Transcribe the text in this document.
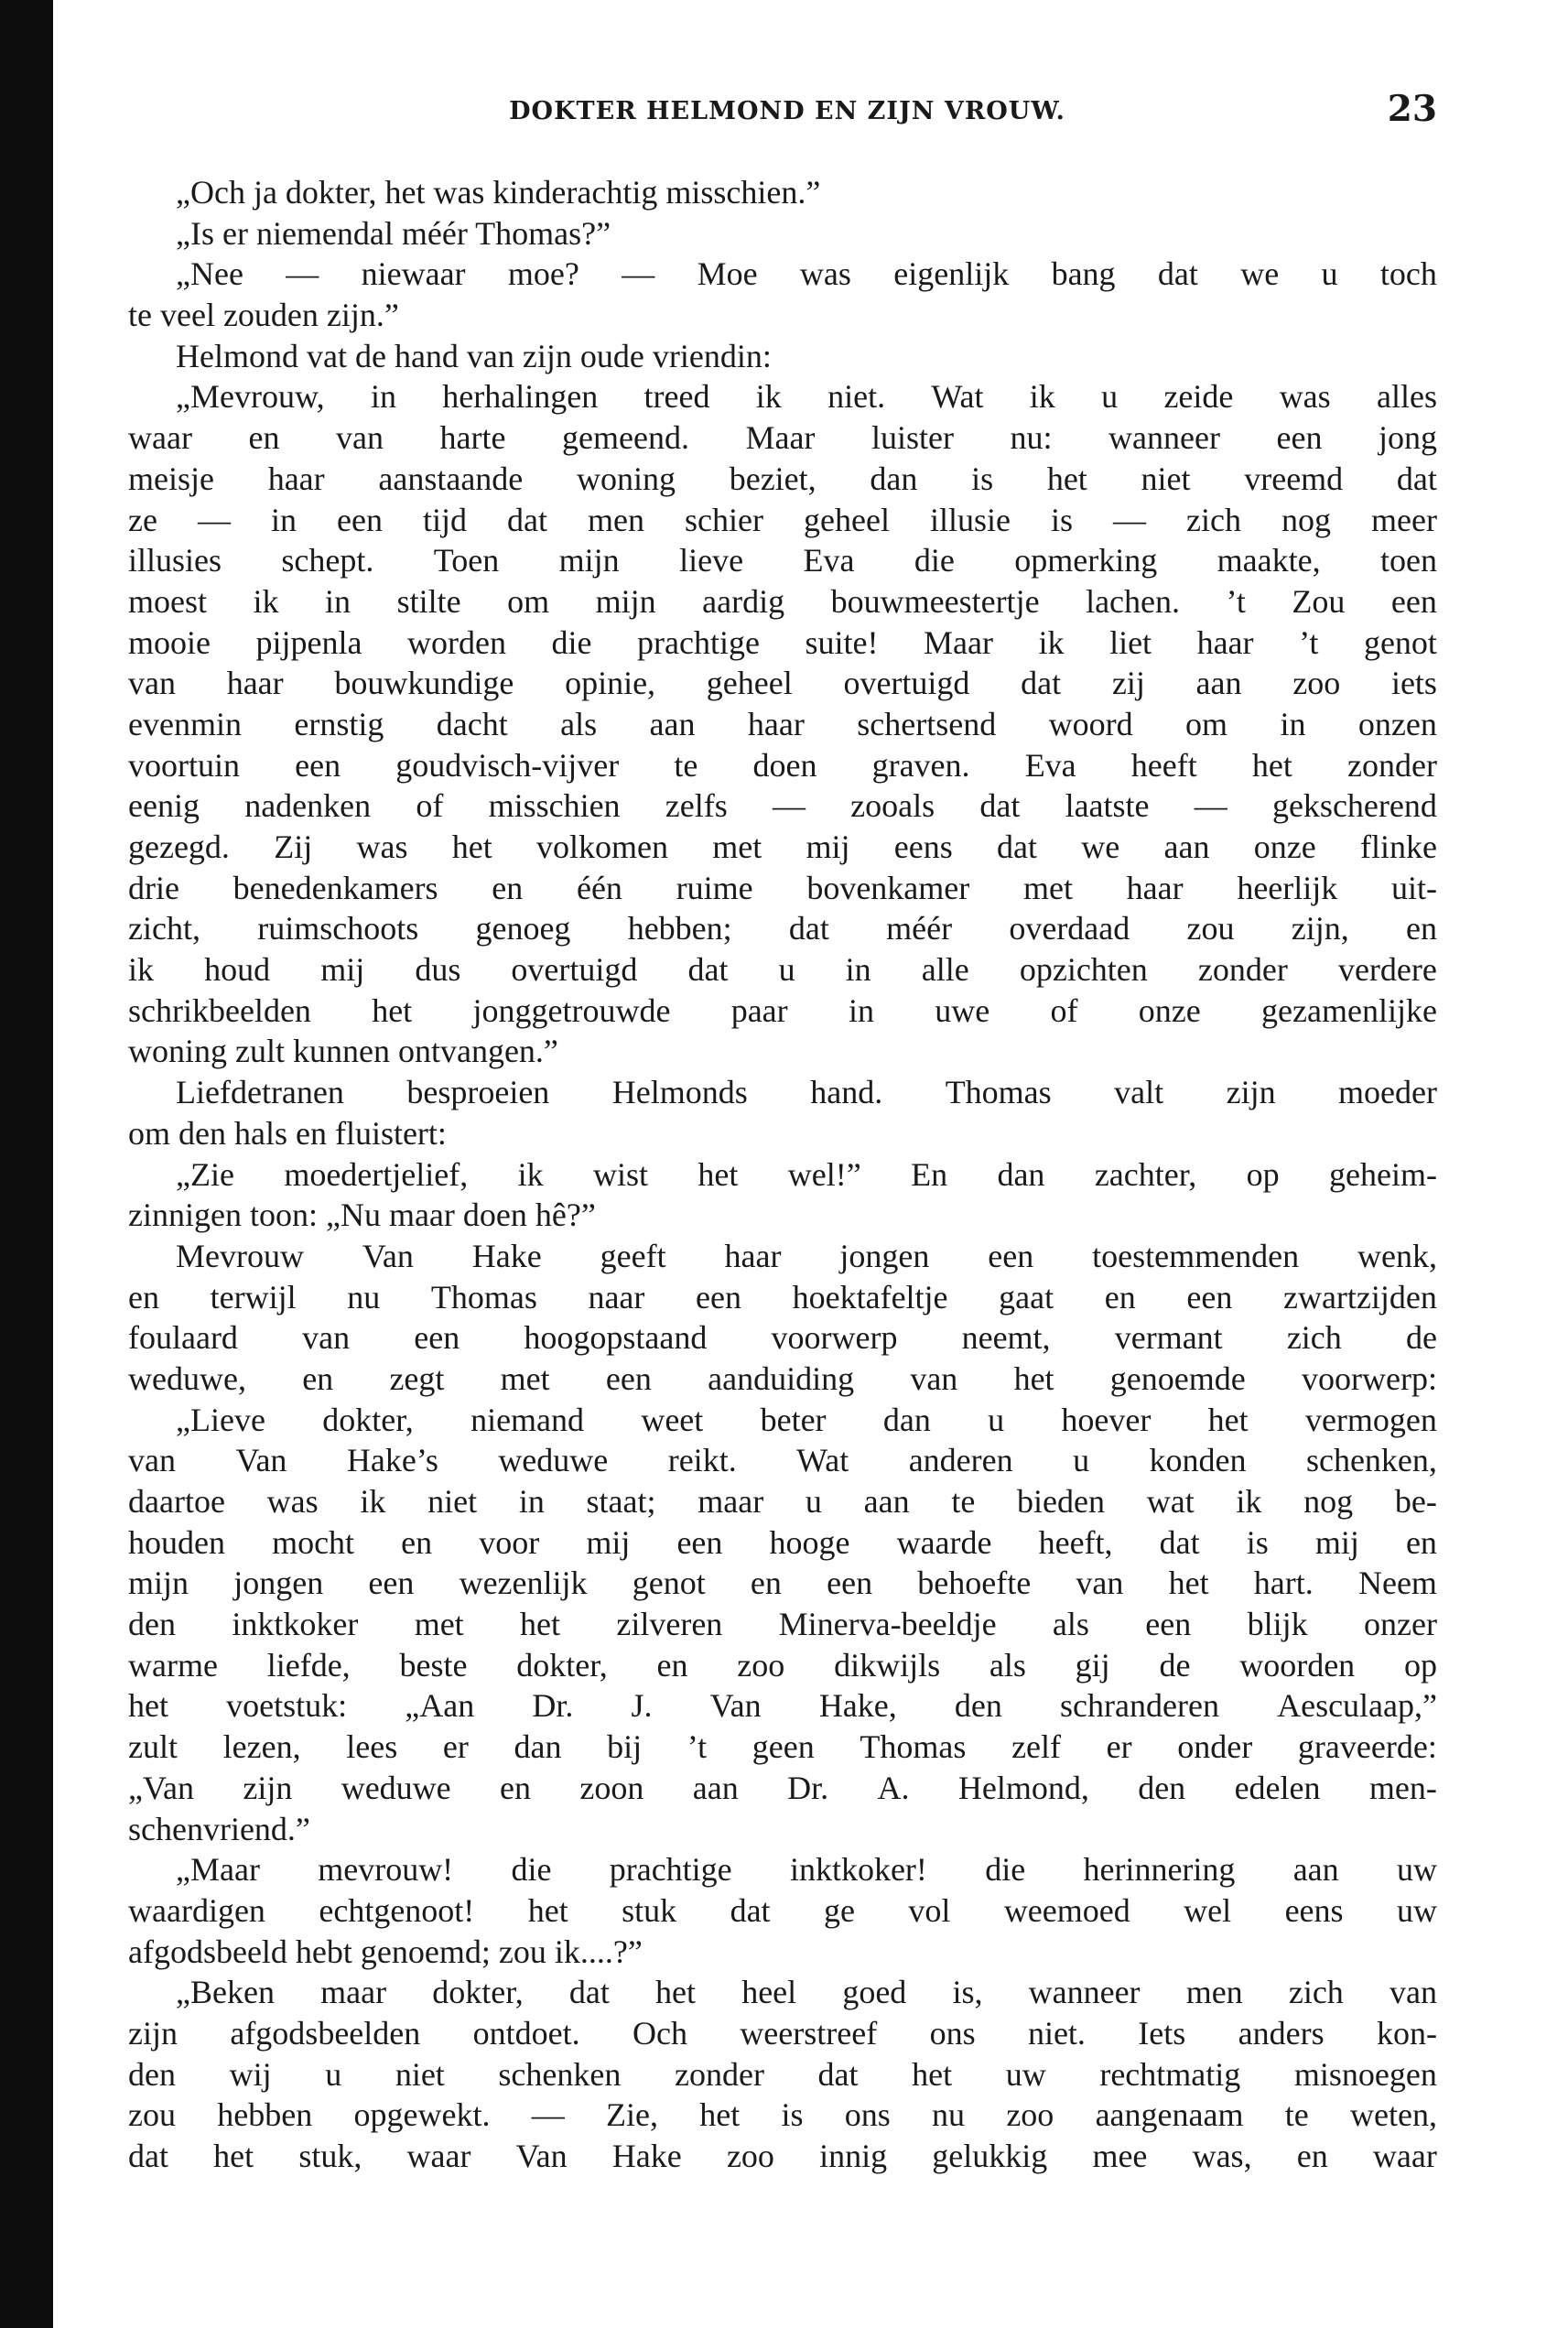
DOKTER HELMOND EN ZIJN VROUW.	23
„Och ja dokter, het was kinderachtig misschien.”
„Is er niemendal méér Thomas?”
„Nee — niewaar moe? — Moe was eigenlijk bang dat we u toch
te veel zouden zijn.”
Helmond vat de hand van zijn oude vriendin:
„Mevrouw, in herhalingen treed ik niet. Wat ik u zeide was alles
waar en van harte gemeend. Maar luister nu: wanneer een jong
meisje haar aanstaande woning beziet, dan is het niet vreemd dat
ze — in een tijd dat men schier geheel illusie is — zich nog meer
illusies schept. Toen mijn lieve Eva die opmerking maakte, toen
moest ik in stilte om mijn aardig bouwmeestertje lachen. ’t Zou een
mooie pijpenla worden die prachtige suite! Maar ik liet haar ’t genot
van haar bouwkundige opinie, geheel overtuigd dat zij aan zoo iets
evenmin ernstig dacht als aan haar schertsend woord om in onzen
voortuin een goudvisch-vijver te doen graven. Eva heeft het zonder
eenig nadenken of misschien zelfs — zooals dat laatste — gekscherend
gezegd. Zij was het volkomen met mij eens dat we aan onze flinke
drie benedenkamers en één ruime bovenkamer met haar heerlijk uit-
zicht, ruimschoots genoeg hebben; dat méér overdaad zou zijn, en
ik houd mij dus overtuigd dat u in alle opzichten zonder verdere
schrikbeelden het jonggetrouwde paar in uwe of onze gezamenlijke
woning zult kunnen ontvangen.”
Liefdetranen besproeien Helmonds hand. Thomas valt zijn moeder
om den hals en fluistert:
„Zie moedertjelief, ik wist het wel!” En dan zachter, op geheim-
zinnigen toon: „Nu maar doen hê?”
Mevrouw Van Hake geeft haar jongen een toestemmenden wenk,
en terwijl nu Thomas naar een hoektafeltje gaat en een zwartzijden
foulaard van een hoogopstaand voorwerp neemt, vermant zich de
weduwe, en zegt met een aanduiding van het genoemde voorwerp:
„Lieve dokter, niemand weet beter dan u hoever het vermogen
van Van Hake’s weduwe reikt. Wat anderen u konden schenken,
daartoe was ik niet in staat; maar u aan te bieden wat ik nog be-
houden mocht en voor mij een hooge waarde heeft, dat is mij en
mijn jongen een wezenlijk genot en een behoefte van het hart. Neem
den inktkoker met het zilveren Minerva-beeldje als een blijk onzer
warme liefde, beste dokter, en zoo dikwijls als gij de woorden op
het voetstuk: „Aan Dr. J. Van Hake, den schranderen Aesculaap,”
zult lezen, lees er dan bij ’t geen Thomas zelf er onder graveerde:
„Van zijn weduwe en zoon aan Dr. A. Helmond, den edelen men-
schenvriend.”
„Maar mevrouw! die prachtige inktkoker! die herinnering aan uw
waardigen echtgenoot! het stuk dat ge vol weemoed wel eens uw
afgodsbeeld hebt genoemd; zou ik....?”
„Beken maar dokter, dat het heel goed is, wanneer men zich van
zijn afgodsbeelden ontdoet. Och weerstreef ons niet. Iets anders kon-
den wij u niet schenken zonder dat het uw rechtmatig misnoegen
zou hebben opgewekt. — Zie, het is ons nu zoo aangenaam te weten,
dat het stuk, waar Van Hake zoo innig gelukkig mee was, en waar
